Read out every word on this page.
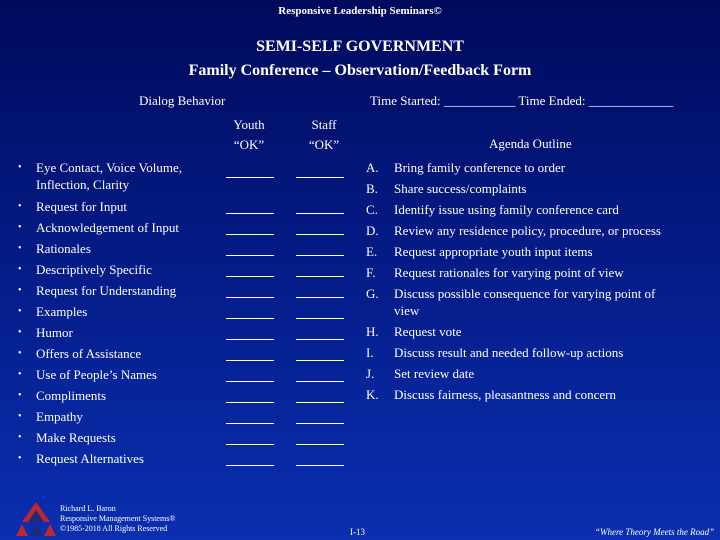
Responsive Leadership Seminars©
SEMI-SELF GOVERNMENT
Family Conference – Observation/Feedback Form
Dialog Behavior	Time Started: ___________ Time Ended: _____________
Youth
“OK”
Staff
“OK”	Agenda Outline
• Eye Contact, Voice Volume,
Inflection, Clarity
• Request for Input
• Acknowledgement of Input
• Rationales
• Descriptively Specific
• Request for Understanding
• Examples
• Humor
• Offers of Assistance
• Use of People’s Names
• Compliments
• Empathy
• Make Requests
• Request Alternatives
A. Bring family conference to order
B. Share success/complaints
C. Identify issue using family conference card
D. Review any residence policy, procedure, or process
E. Request appropriate youth input items
F. Request rationales for varying point of view
G. Discuss possible consequence for varying point of
view
H. Request vote
I. Discuss result and needed follow-up actions
J. Set review date
K. Discuss fairness, pleasantness and concern
Richard L. Baron
Responsive Management Systems®
©1985-2018 All Rights Reserved	I-13	“Where Theory Meets the Road”
